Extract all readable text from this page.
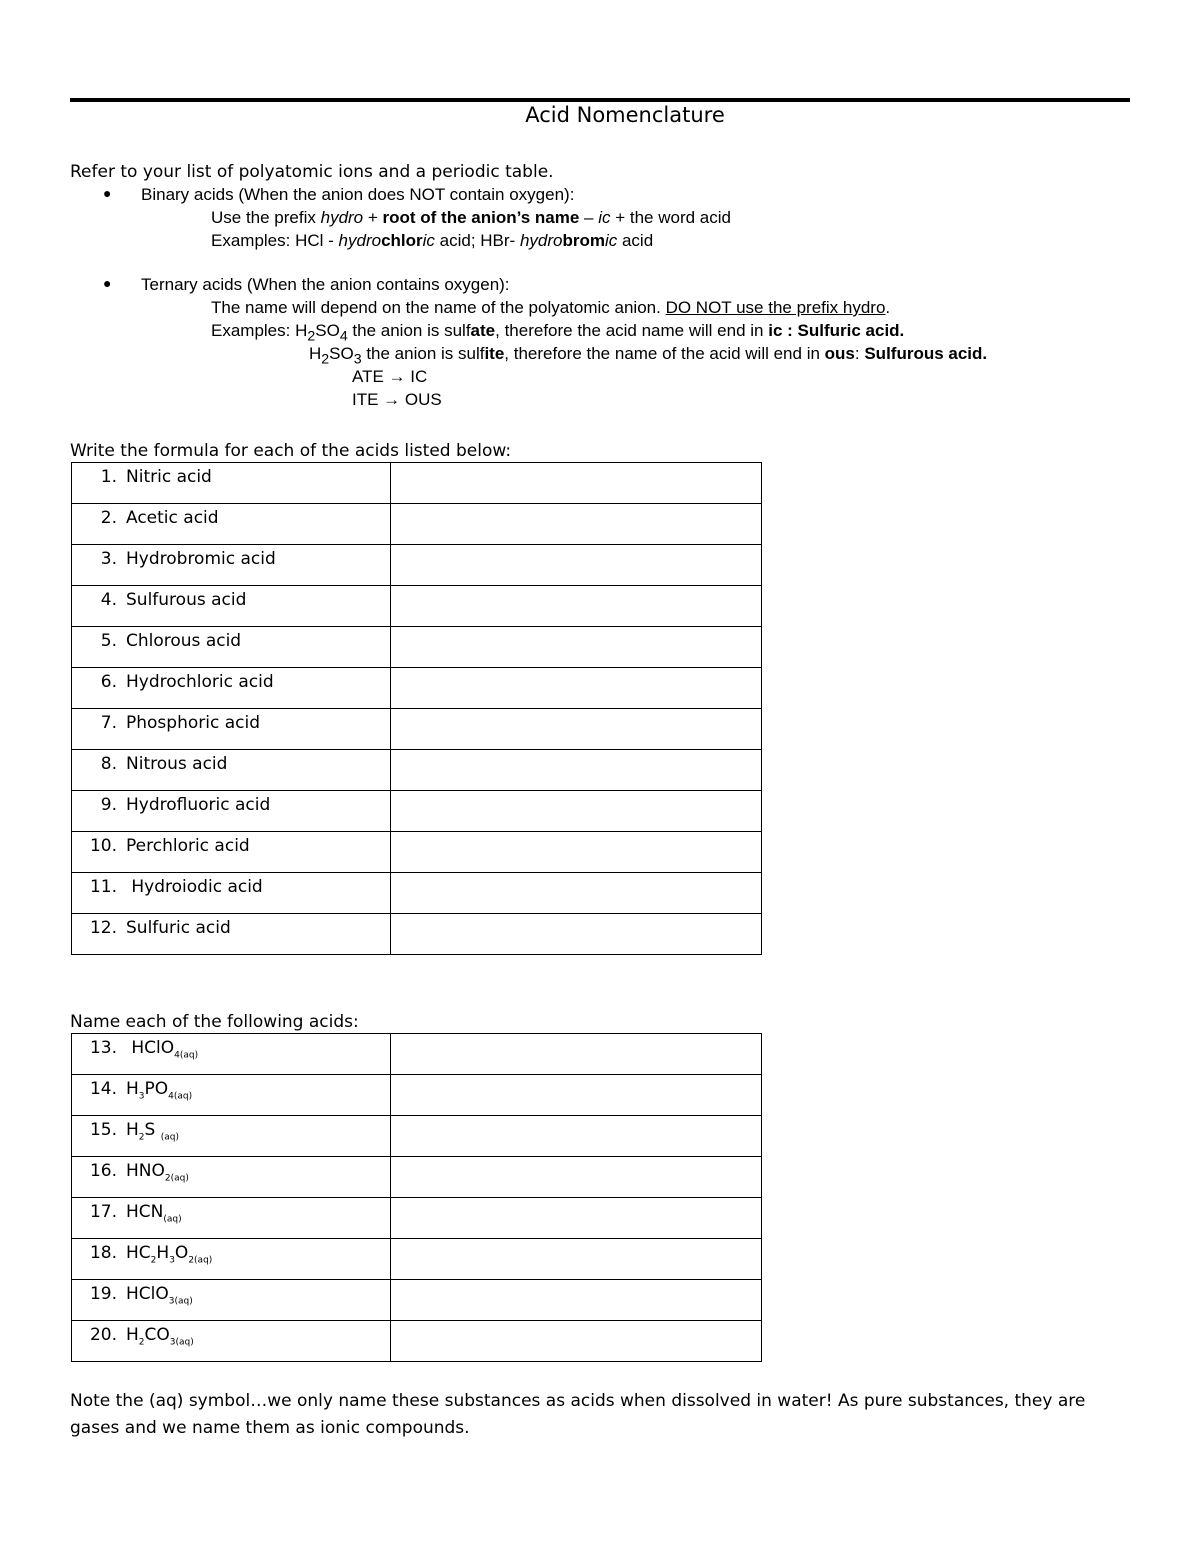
Acid Nomenclature
Refer to your list of polyatomic ions and a periodic table.
● Binary acids (When the anion does NOT contain oxygen):
Use the prefix hydro + root of the anion’s name – ic + the word acid
Examples: HCl - hydrochloric acid; HBr- hydrobromic acid
● Ternary acids (When the anion contains oxygen):
The name will depend on the name of the polyatomic anion. DO NOT use the prefix hydro.
Examples: $H_2SO_4$ the anion is sulfate, therefore the acid name will end in ic : Sulfuric acid.
$H_2SO_3$ the anion is sulfite, therefore the name of the acid will end in ous: Sulfurous acid.
ATE → IC
ITE → OUS
Write the formula for each of the acids listed below:
1. Nitric acid	

2. Acetic acid	

3. Hydrobromic acid	

4. Sulfurous acid	

5. Chlorous acid	

6. Hydrochloric acid	

7. Phosphoric acid	

8. Nitrous acid	

9. Hydrofluoric acid	

10. Perchloric acid	

11. Hydroiodic acid	

12. Sulfuric acid	

Name each of the following acids:
13. HClO$_{4(aq)}$

14. $H_3PO_{4(aq)}$

15. $H_2S$ $_{(aq)}$

16. $HNO_{2(aq)}$

17. $HCN_{(aq)}$

18. $HC_2H_3O_{2(aq)}$

19. HClO$_{3(aq)}$

20. $H_2CO_{3(aq)}$

Note the (aq) symbol…we only name these substances as acids when dissolved in water! As pure substances, they are
gases and we name them as ionic compounds.
